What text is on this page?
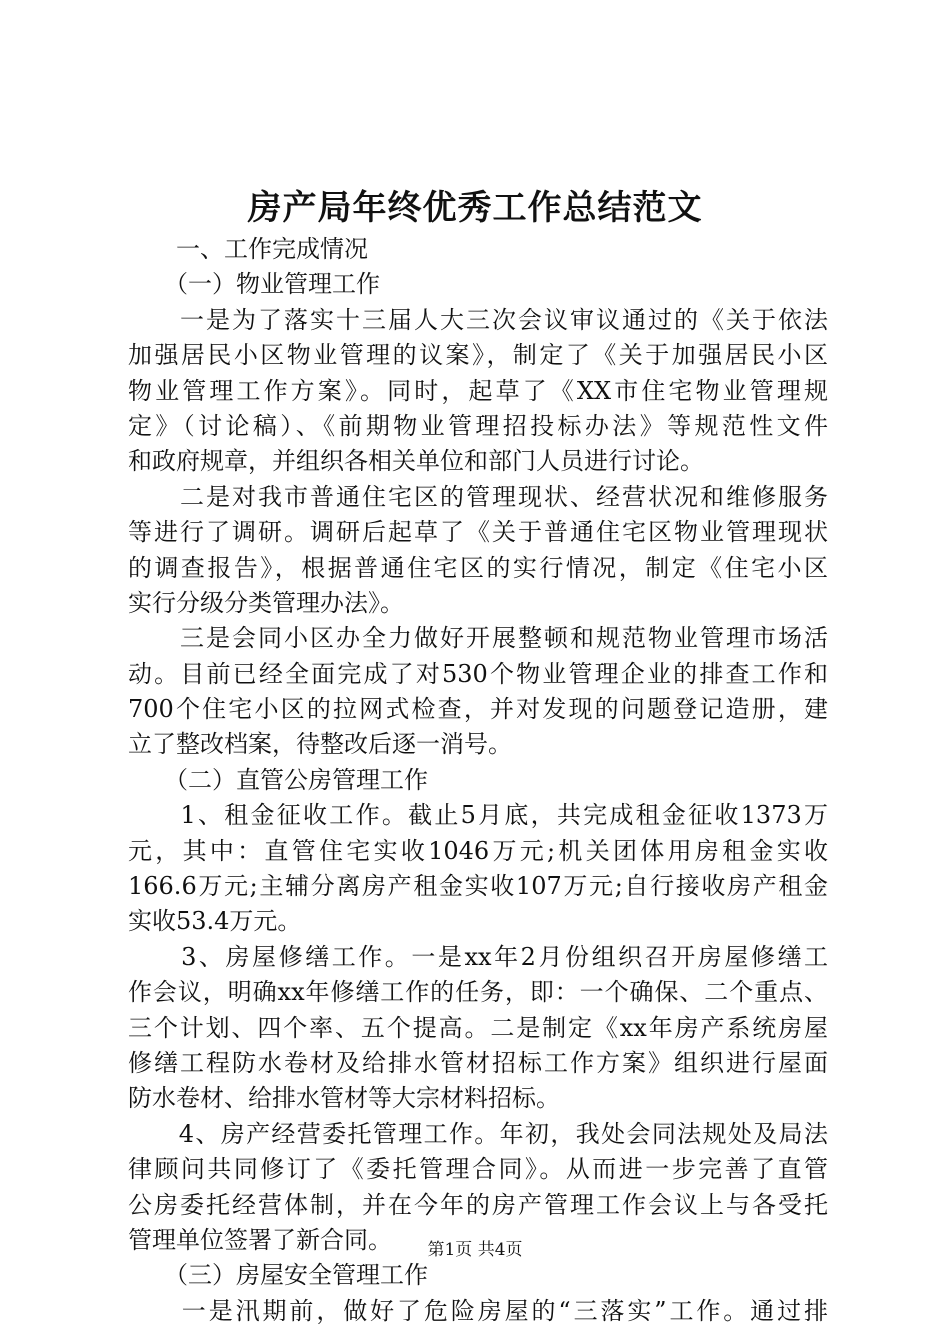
房产局年终优秀工作总结范文
　　一、工作完成情况
　　（一）物业管理工作
　　一是为了落实十三届人大三次会议审议通过的《关于依法
加强居民小区物业管理的议案》，制定了《关于加强居民小区
物业管理工作方案》。同时，起草了《XX市住宅物业管理规
定》（讨论稿）、《前期物业管理招投标办法》等规范性文件
和政府规章，并组织各相关单位和部门人员进行讨论。
　　二是对我市普通住宅区的管理现状、经营状况和维修服务
等进行了调研。调研后起草了《关于普通住宅区物业管理现状
的调查报告》，根据普通住宅区的实行情况，制定《住宅小区
实行分级分类管理办法》。
　　三是会同小区办全力做好开展整顿和规范物业管理市场活
动。目前已经全面完成了对530个物业管理企业的排查工作和
700个住宅小区的拉网式检查，并对发现的问题登记造册，建
立了整改档案，待整改后逐一消号。
　　（二）直管公房管理工作
　　1、租金征收工作。截止5月底，共完成租金征收1373万
元，其中：直管住宅实收1046万元;机关团体用房租金实收
166.6万元;主辅分离房产租金实收107万元;自行接收房产租金
实收53.4万元。
　　3、房屋修缮工作。一是xx年2月份组织召开房屋修缮工
作会议，明确xx年修缮工作的任务，即：一个确保、二个重点、
三个计划、四个率、五个提高。二是制定《xx年房产系统房屋
修缮工程防水卷材及给排水管材招标工作方案》组织进行屋面
防水卷材、给排水管材等大宗材料招标。
　　4、房产经营委托管理工作。年初，我处会同法规处及局法
律顾问共同修订了《委托管理合同》。从而进一步完善了直管
公房委托经营体制，并在今年的房产管理工作会议上与各受托
管理单位签署了新合同。
　　（三）房屋安全管理工作
　　一是汛期前，做好了危险房屋的“三落实”工作。通过排
第1页 共4页
